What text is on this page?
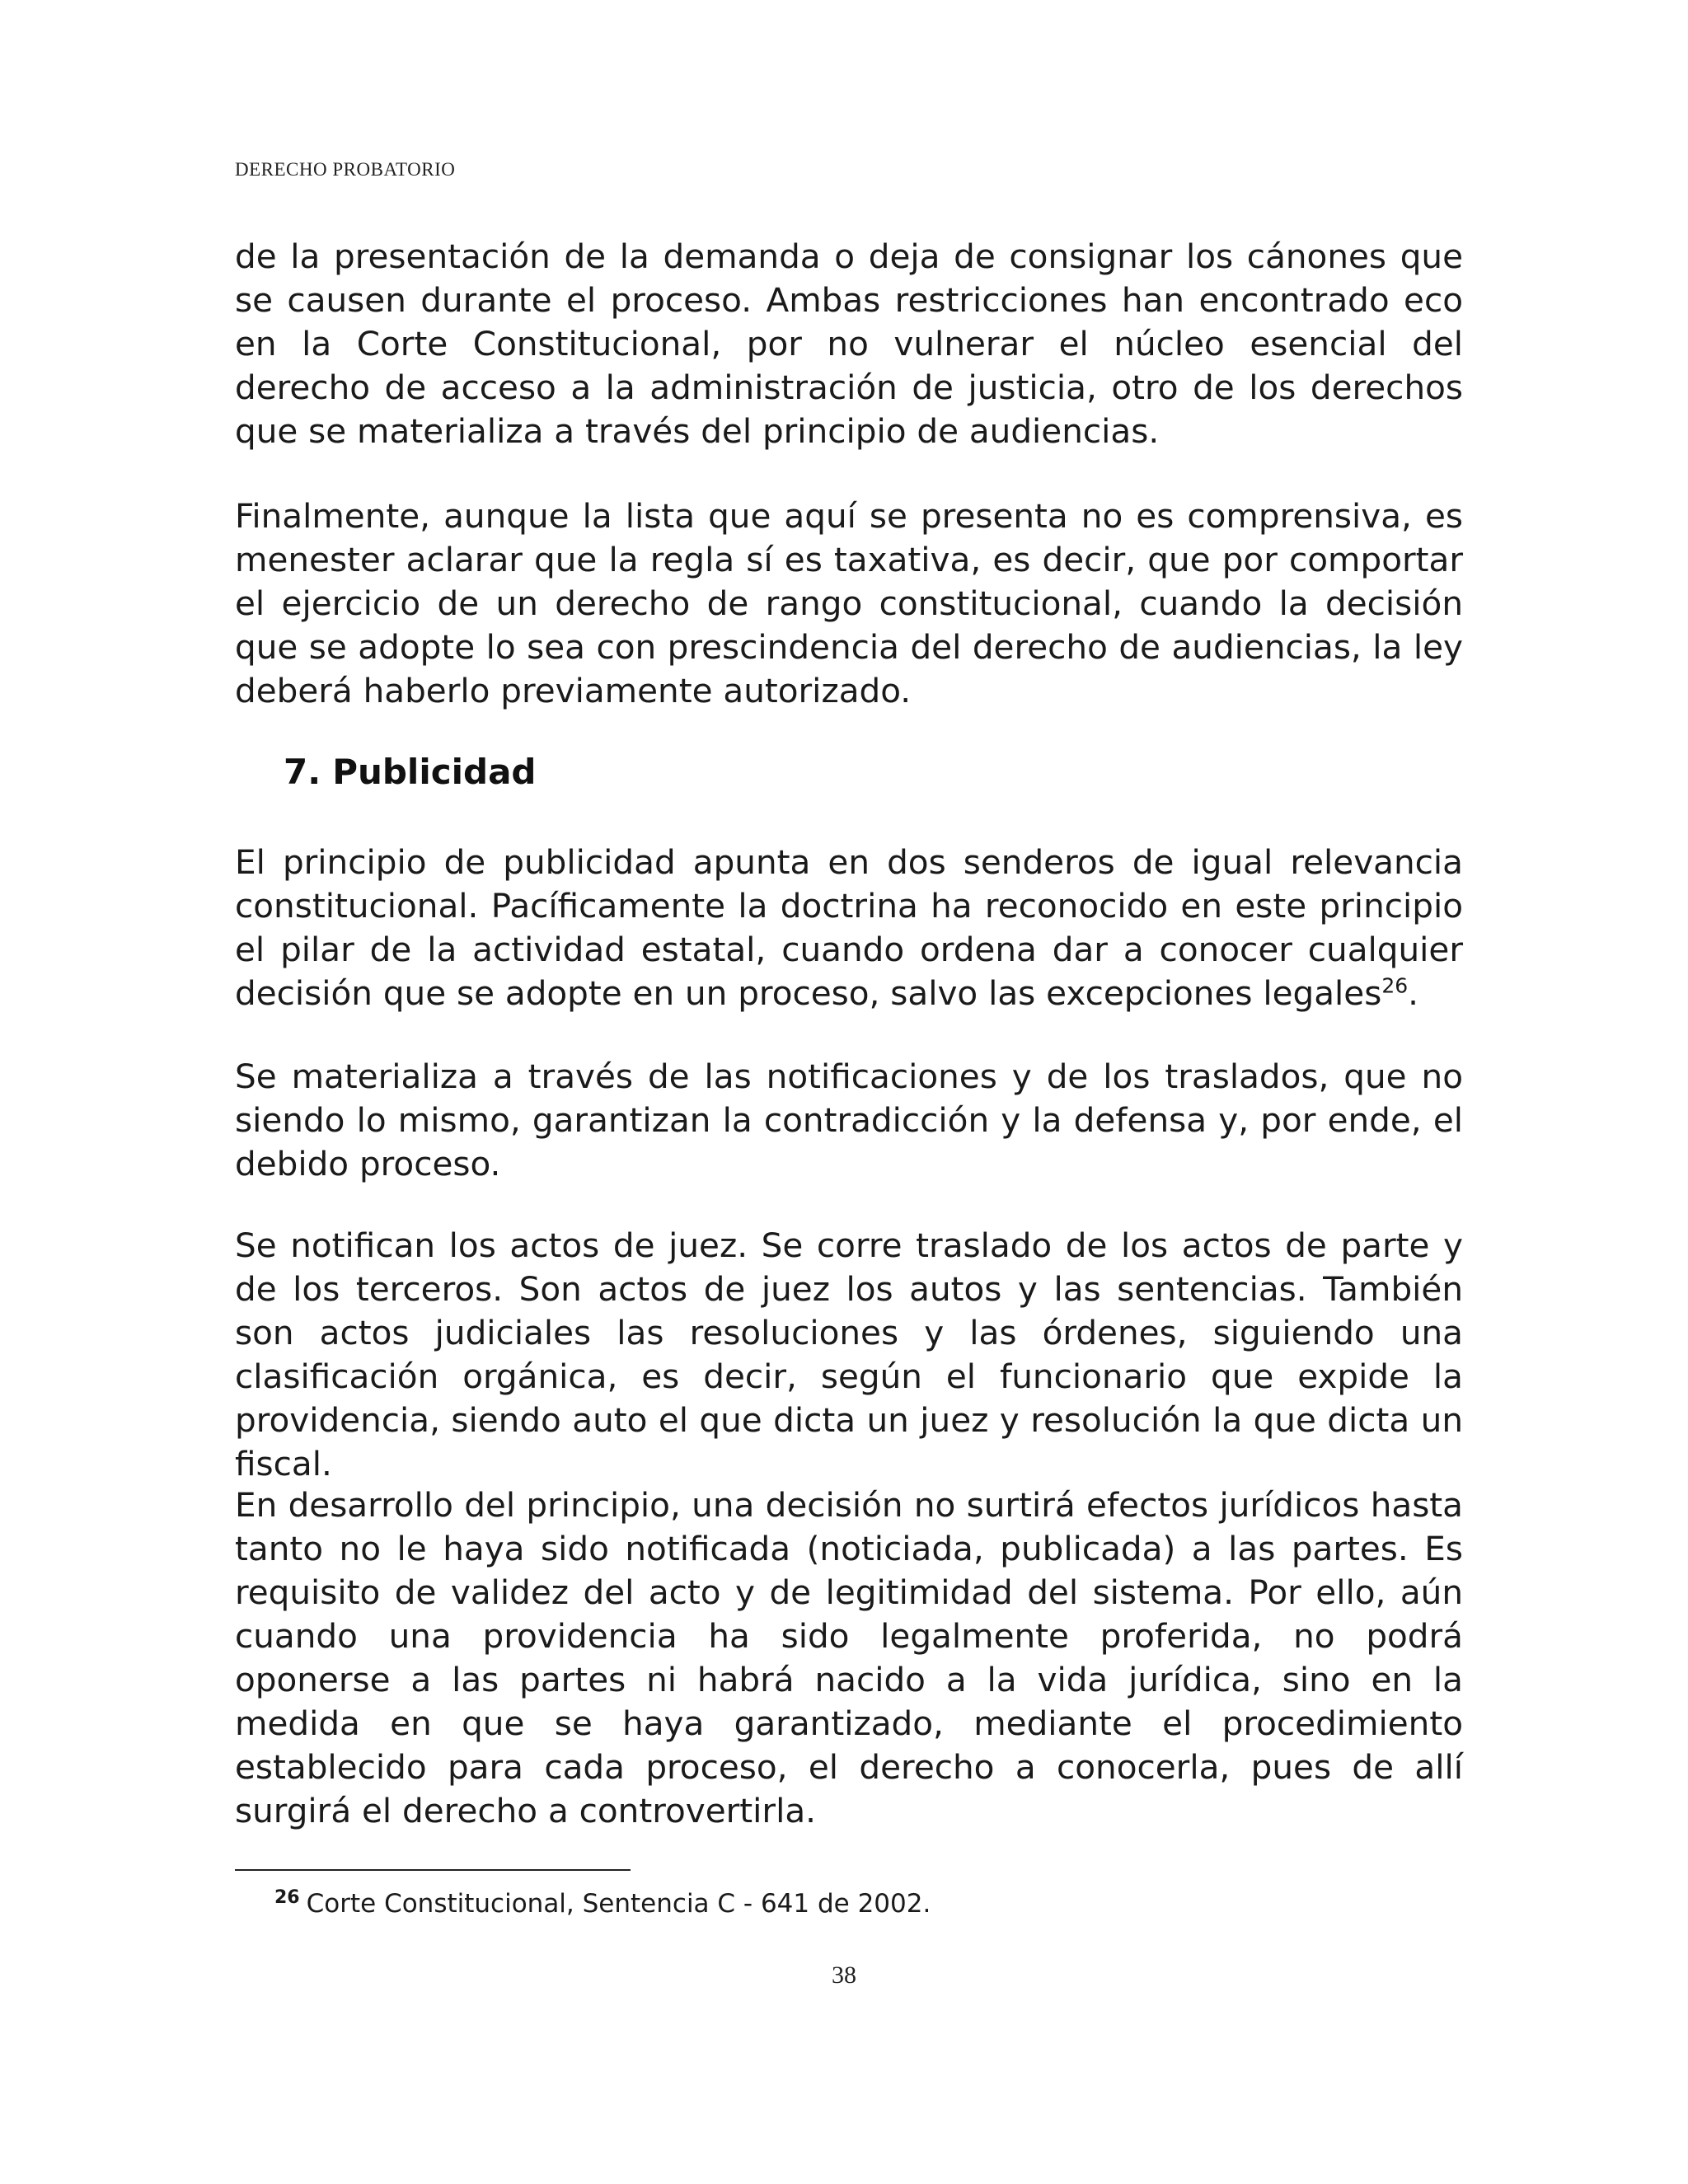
DERECHO PROBATORIO

de la presentación de la demanda o deja de consignar los cánones que se causen durante el proceso. Ambas restricciones han encontrado eco en la Corte Constitucional, por no vulnerar el núcleo esencial del derecho de acceso a la administración de justicia, otro de los derechos que se materializa a través del principio de audiencias.

Finalmente, aunque la lista que aquí se presenta no es comprensiva, es menester aclarar que la regla sí es taxativa, es decir, que por comportar el ejercicio de un derecho de rango constitucional, cuando la decisión que se adopte lo sea con prescindencia del derecho de audiencias, la ley deberá haberlo previamente autorizado.

7. Publicidad

El principio de publicidad apunta en dos senderos de igual relevancia constitucional. Pacíficamente la doctrina ha reconocido en este principio el pilar de la actividad estatal, cuando ordena dar a conocer cualquier decisión que se adopte en un proceso, salvo las excepciones legales$^{26}$.

Se materializa a través de las notificaciones y de los traslados, que no siendo lo mismo, garantizan la contradicción y la defensa y, por ende, el debido proceso.

Se notifican los actos de juez. Se corre traslado de los actos de parte y de los terceros. Son actos de juez los autos y las sentencias. También son actos judiciales las resoluciones y las órdenes, siguiendo una clasificación orgánica, es decir, según el funcionario que expide la providencia, siendo auto el que dicta un juez y resolución la que dicta un fiscal.

En desarrollo del principio, una decisión no surtirá efectos jurídicos hasta tanto no le haya sido notificada (noticiada, publicada) a las partes. Es requisito de validez del acto y de legitimidad del sistema. Por ello, aún cuando una providencia ha sido legalmente proferida, no podrá oponerse a las partes ni habrá nacido a la vida jurídica, sino en la medida en que se haya garantizado, mediante el procedimiento establecido para cada proceso, el derecho a conocerla, pues de allí surgirá el derecho a controvertirla.

$^{26}$ Corte Constitucional, Sentencia C - 641 de 2002.
38
